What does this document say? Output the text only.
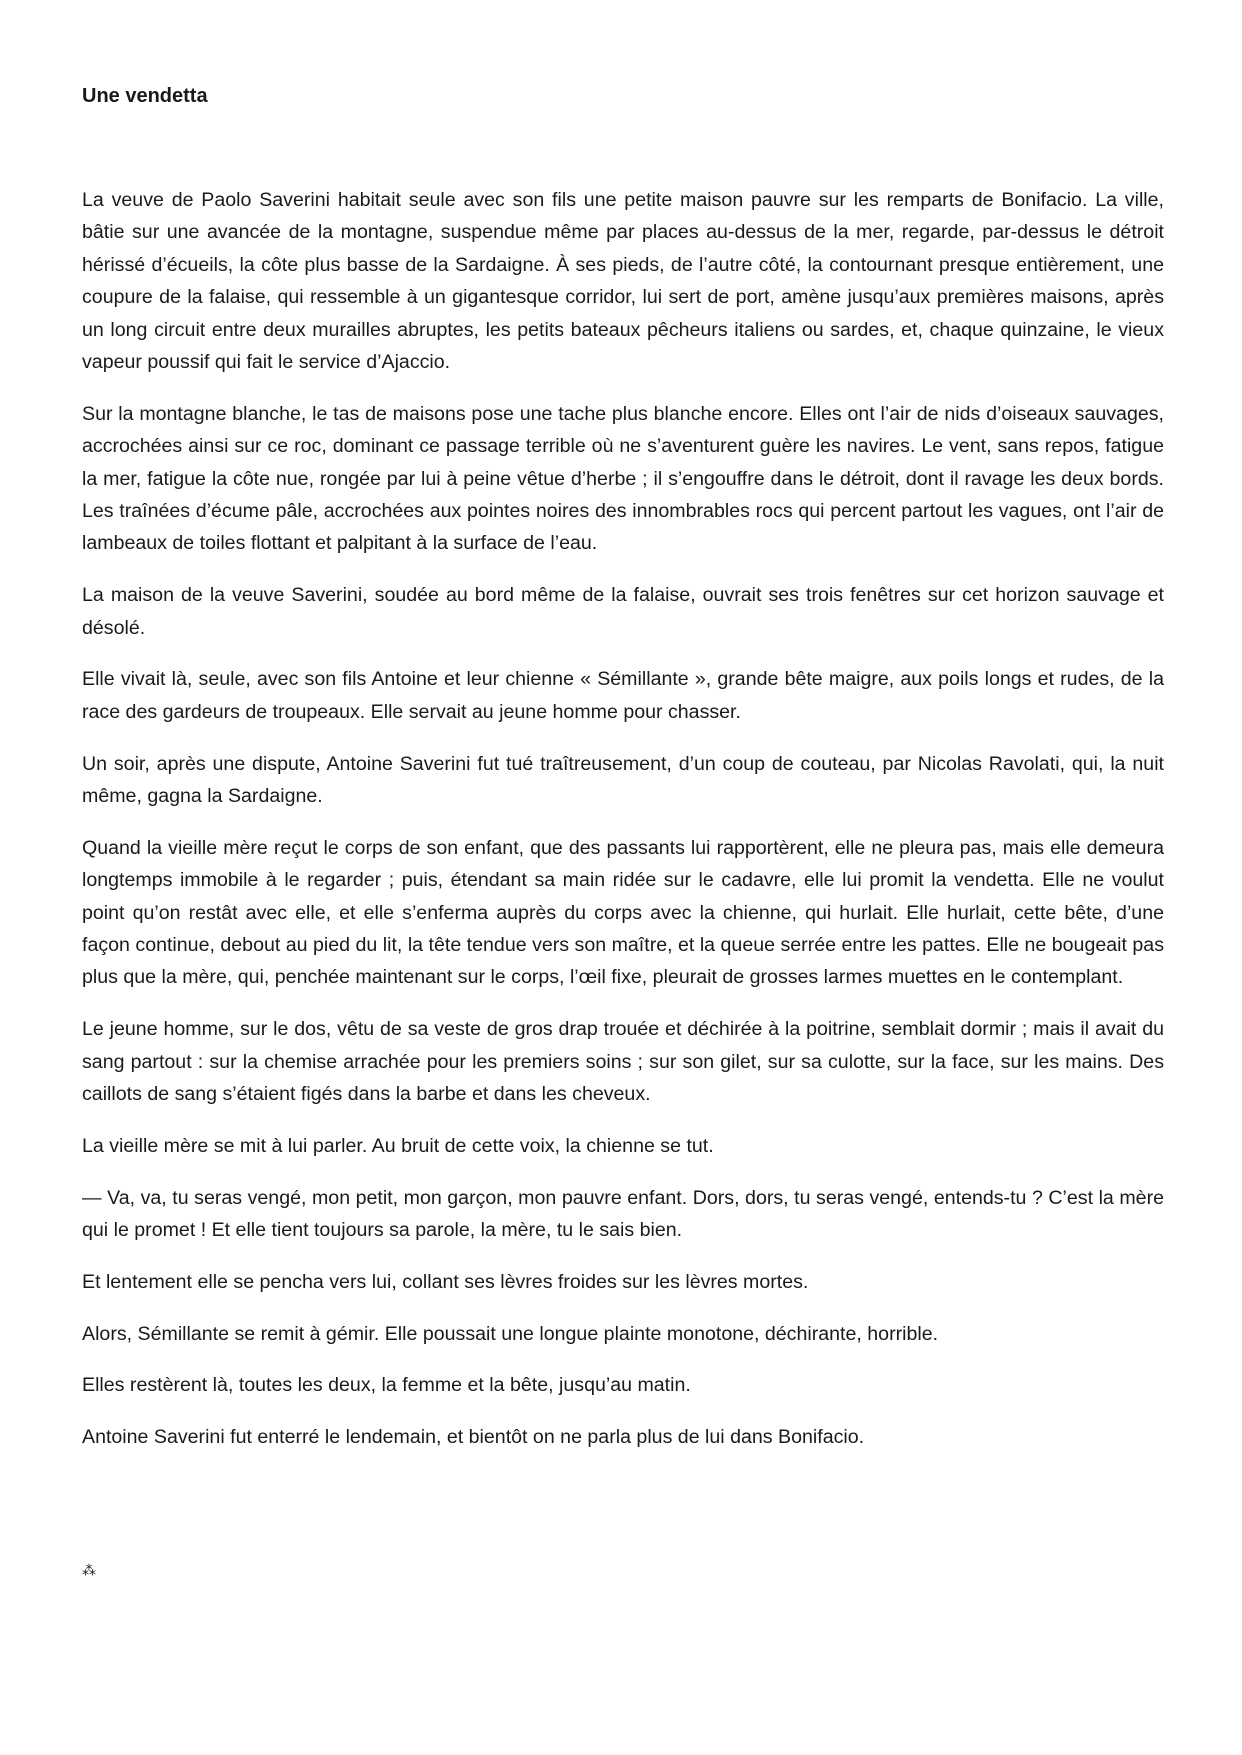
Une vendetta

La veuve de Paolo Saverini habitait seule avec son fils une petite maison pauvre sur les remparts de Bonifacio. La ville, bâtie sur une avancée de la montagne, suspendue même par places au-dessus de la mer, regarde, par-dessus le détroit hérissé d’écueils, la côte plus basse de la Sardaigne. À ses pieds, de l’autre côté, la contournant presque entièrement, une coupure de la falaise, qui ressemble à un gigantesque corridor, lui sert de port, amène jusqu’aux premières maisons, après un long circuit entre deux murailles abruptes, les petits bateaux pêcheurs italiens ou sardes, et, chaque quinzaine, le vieux vapeur poussif qui fait le service d’Ajaccio.

Sur la montagne blanche, le tas de maisons pose une tache plus blanche encore. Elles ont l’air de nids d’oiseaux sauvages, accrochées ainsi sur ce roc, dominant ce passage terrible où ne s’aventurent guère les navires. Le vent, sans repos, fatigue la mer, fatigue la côte nue, rongée par lui à peine vêtue d’herbe ; il s’engouffre dans le détroit, dont il ravage les deux bords. Les traînées d’écume pâle, accrochées aux pointes noires des innombrables rocs qui percent partout les vagues, ont l’air de lambeaux de toiles flottant et palpitant à la surface de l’eau.

La maison de la veuve Saverini, soudée au bord même de la falaise, ouvrait ses trois fenêtres sur cet horizon sauvage et désolé.

Elle vivait là, seule, avec son fils Antoine et leur chienne « Sémillante », grande bête maigre, aux poils longs et rudes, de la race des gardeurs de troupeaux. Elle servait au jeune homme pour chasser.

Un soir, après une dispute, Antoine Saverini fut tué traîtreusement, d’un coup de couteau, par Nicolas Ravolati, qui, la nuit même, gagna la Sardaigne.

Quand la vieille mère reçut le corps de son enfant, que des passants lui rapportèrent, elle ne pleura pas, mais elle demeura longtemps immobile à le regarder ; puis, étendant sa main ridée sur le cadavre, elle lui promit la vendetta. Elle ne voulut point qu’on restât avec elle, et elle s’enferma auprès du corps avec la chienne, qui hurlait. Elle hurlait, cette bête, d’une façon continue, debout au pied du lit, la tête tendue vers son maître, et la queue serrée entre les pattes. Elle ne bougeait pas plus que la mère, qui, penchée maintenant sur le corps, l’œil fixe, pleurait de grosses larmes muettes en le contemplant.

Le jeune homme, sur le dos, vêtu de sa veste de gros drap trouée et déchirée à la poitrine, semblait dormir ; mais il avait du sang partout : sur la chemise arrachée pour les premiers soins ; sur son gilet, sur sa culotte, sur la face, sur les mains. Des caillots de sang s’étaient figés dans la barbe et dans les cheveux.

La vieille mère se mit à lui parler. Au bruit de cette voix, la chienne se tut.

— Va, va, tu seras vengé, mon petit, mon garçon, mon pauvre enfant. Dors, dors, tu seras vengé, entends-tu ? C’est la mère qui le promet ! Et elle tient toujours sa parole, la mère, tu le sais bien.

Et lentement elle se pencha vers lui, collant ses lèvres froides sur les lèvres mortes.

Alors, Sémillante se remit à gémir. Elle poussait une longue plainte monotone, déchirante, horrible.

Elles restèrent là, toutes les deux, la femme et la bête, jusqu’au matin.

Antoine Saverini fut enterré le lendemain, et bientôt on ne parla plus de lui dans Bonifacio.

⁂
